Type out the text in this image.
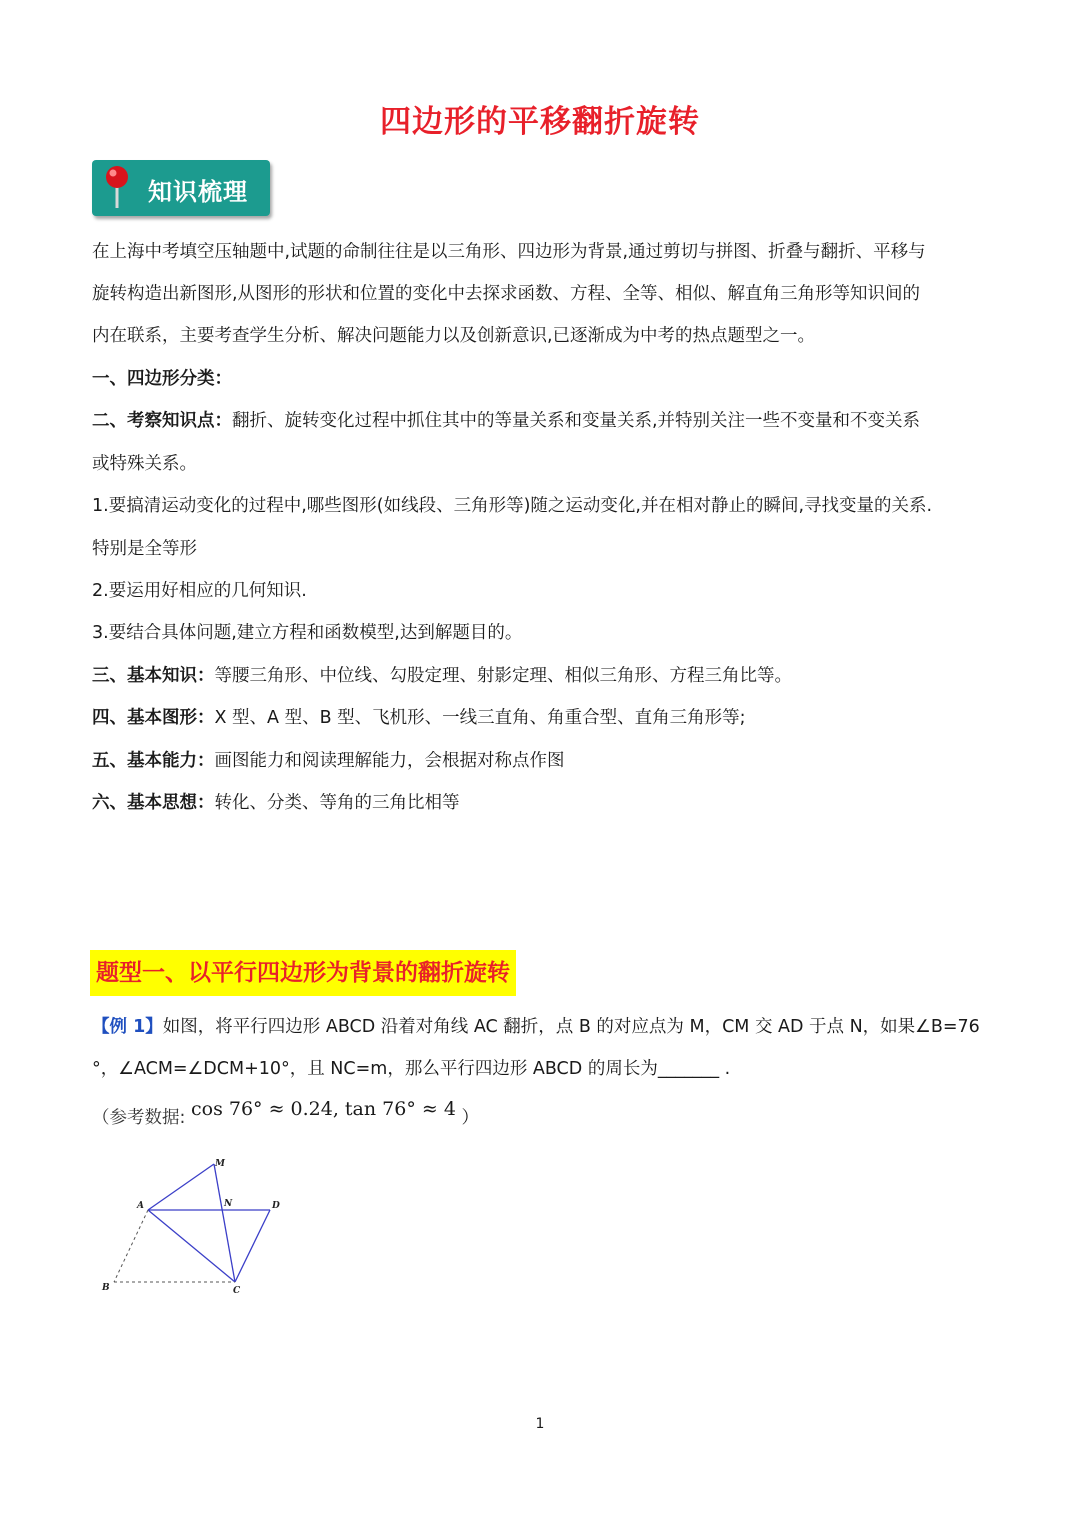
四边形的平移翻折旋转
知识梳理
在上海中考填空压轴题中,试题的命制往往是以三角形、四边形为背景,通过剪切与拼图、折叠与翻折、平移与
旋转构造出新图形,从图形的形状和位置的变化中去探求函数、方程、全等、相似、解直角三角形等知识间的
内在联系，主要考查学生分析、解决问题能力以及创新意识,已逐渐成为中考的热点题型之一。
一、四边形分类：
二、考察知识点：翻折、旋转变化过程中抓住其中的等量关系和变量关系,并特别关注一些不变量和不变关系
或特殊关系。
1.要搞清运动变化的过程中,哪些图形(如线段、三角形等)随之运动变化,并在相对静止的瞬间,寻找变量的关系.
特别是全等形
2.要运用好相应的几何知识.
3.要结合具体问题,建立方程和函数模型,达到解题目的。
三、基本知识：等腰三角形、中位线、勾股定理、射影定理、相似三角形、方程三角比等。
四、基本图形：X 型、A 型、B 型、飞机形、一线三直角、角重合型、直角三角形等;
五、基本能力：画图能力和阅读理解能力，会根据对称点作图
六、基本思想：转化、分类、等角的三角比相等
题型一、以平行四边形为背景的翻折旋转
【例 1】如图，将平行四边形 ABCD 沿着对角线 AC 翻折，点 B 的对应点为 M，CM 交 AD 于点 N，如果∠B=76
°，∠ACM=∠DCM+10°，且 NC=m，那么平行四边形 ABCD 的周长为_______ .
（参考数据: cos 76° ≈ 0.24, tan 76° ≈ 4 ）
A
B	C
D
M
N
1
